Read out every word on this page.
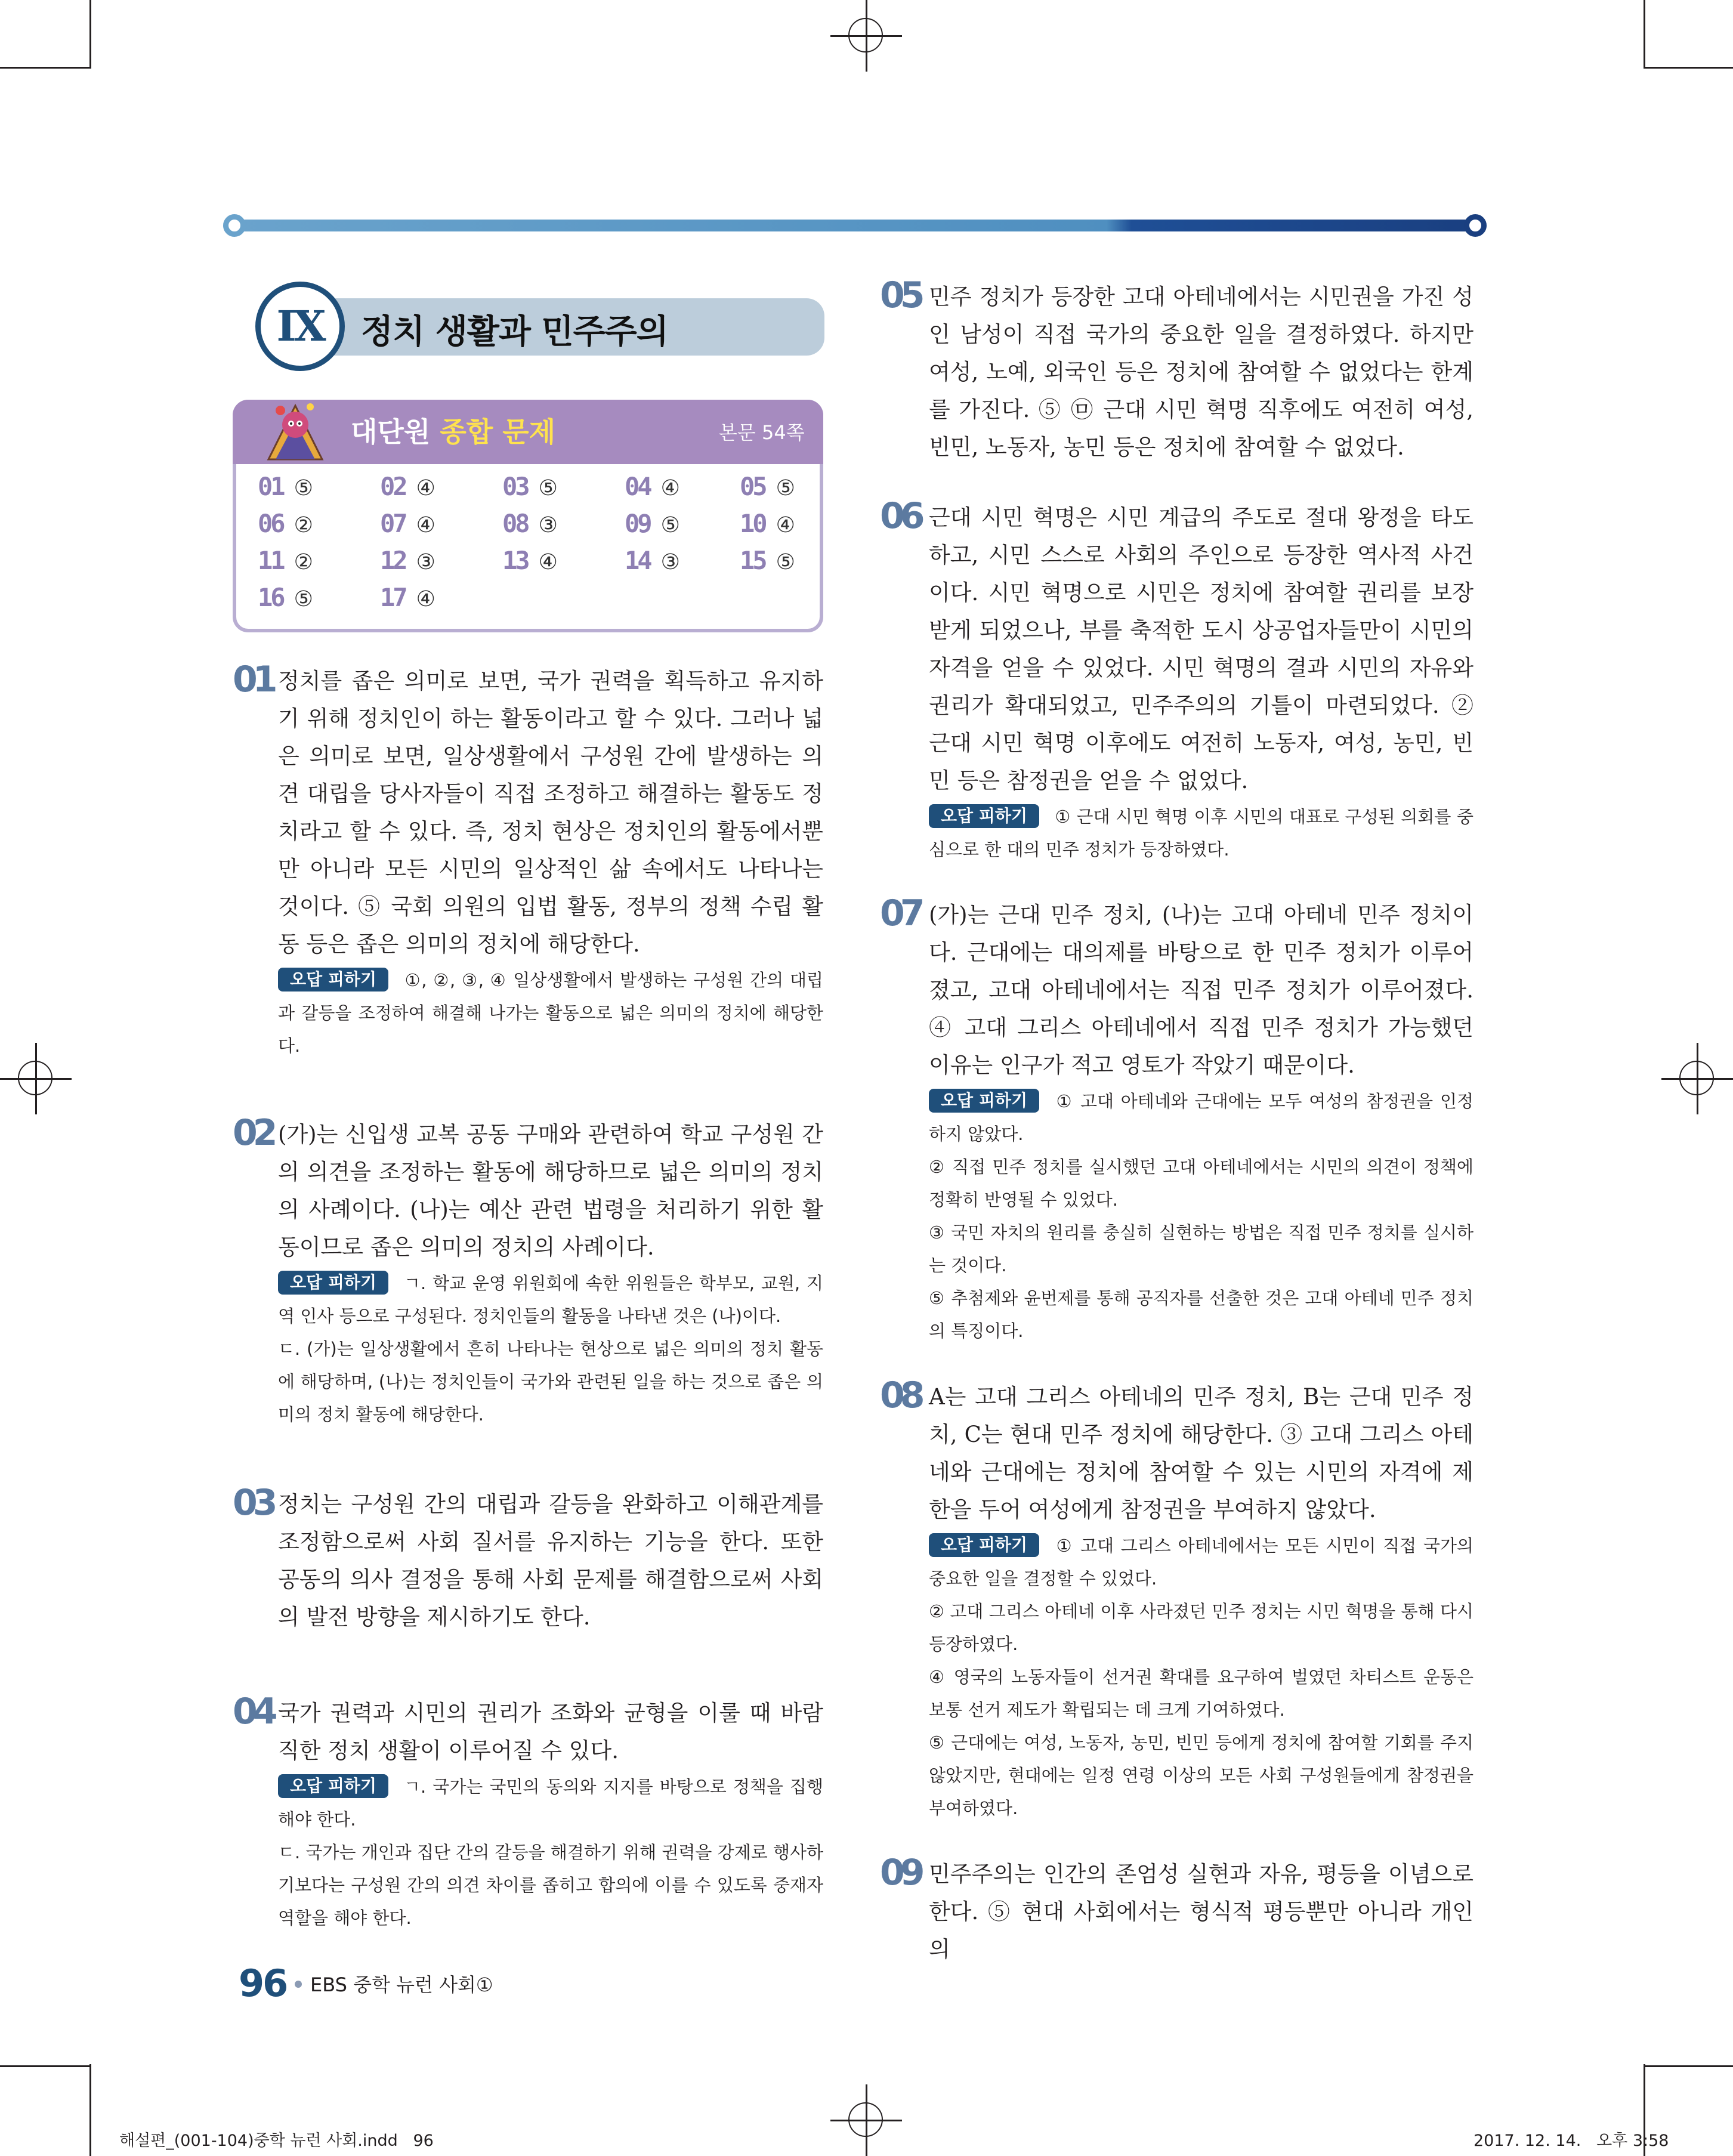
IX	정치 생활과 민주주의
대단원 종합 문제	본문 54쪽
01 ⑤	02 ④	03 ⑤	04 ④ 05 ⑤
06 ②	07 ④	08 ③	09 ⑤ 10 ④
11 ②	12 ③	13 ④	14 ③ 15 ⑤
16 ⑤	17 ④
01 정치를 좁은 의미로 보면, 국가 권력을 획득하고 유지하기 위해 정치인이 하는 활동이라고 할 수 있다. 그러나 넓은 의미로 보면, 일상생활에서 구성원 간에 발생하는 의견 대립을 당사자들이 직접 조정하고 해결하는 활동도 정치라고 할 수 있다. 즉, 정치 현상은 정치인의 활동에서뿐만 아니라 모든 시민의 일상적인 삶 속에서도 나타나는 것이다. ⑤ 국회 의원의 입법 활동, 정부의 정책 수립 활동 등은 좁은 의미의 정치에 해당한다.
오답 피하기 ①, ②, ③, ④ 일상생활에서 발생하는 구성원 간의 대립과 갈등을 조정하여 해결해 나가는 활동으로 넓은 의미의 정치에 해당한다.
02 (가)는 신입생 교복 공동 구매와 관련하여 학교 구성원 간의 의견을 조정하는 활동에 해당하므로 넓은 의미의 정치의 사례이다. (나)는 예산 관련 법령을 처리하기 위한 활동이므로 좁은 의미의 정치의 사례이다.
오답 피하기 ㄱ. 학교 운영 위원회에 속한 위원들은 학부모, 교원, 지역 인사 등으로 구성된다. 정치인들의 활동을 나타낸 것은 (나)이다.
ㄷ. (가)는 일상생활에서 흔히 나타나는 현상으로 넓은 의미의 정치 활동에 해당하며, (나)는 정치인들이 국가와 관련된 일을 하는 것으로 좁은 의미의 정치 활동에 해당한다.
03 정치는 구성원 간의 대립과 갈등을 완화하고 이해관계를 조정함으로써 사회 질서를 유지하는 기능을 한다. 또한 공동의 의사 결정을 통해 사회 문제를 해결함으로써 사회의 발전 방향을 제시하기도 한다.
04 국가 권력과 시민의 권리가 조화와 균형을 이룰 때 바람직한 정치 생활이 이루어질 수 있다.
오답 피하기 ㄱ. 국가는 국민의 동의와 지지를 바탕으로 정책을 집행해야 한다.
ㄷ. 국가는 개인과 집단 간의 갈등을 해결하기 위해 권력을 강제로 행사하기보다는 구성원 간의 의견 차이를 좁히고 합의에 이를 수 있도록 중재자 역할을 해야 한다.
05 민주 정치가 등장한 고대 아테네에서는 시민권을 가진 성인 남성이 직접 국가의 중요한 일을 결정하였다. 하지만 여성, 노예, 외국인 등은 정치에 참여할 수 없었다는 한계를 가진다. ⑤ ㉤ 근대 시민 혁명 직후에도 여전히 여성, 빈민, 노동자, 농민 등은 정치에 참여할 수 없었다.
06 근대 시민 혁명은 시민 계급의 주도로 절대 왕정을 타도하고, 시민 스스로 사회의 주인으로 등장한 역사적 사건이다. 시민 혁명으로 시민은 정치에 참여할 권리를 보장받게 되었으나, 부를 축적한 도시 상공업자들만이 시민의 자격을 얻을 수 있었다. 시민 혁명의 결과 시민의 자유와 권리가 확대되었고, 민주주의의 기틀이 마련되었다. ② 근대 시민 혁명 이후에도 여전히 노동자, 여성, 농민, 빈민 등은 참정권을 얻을 수 없었다.
오답 피하기 ① 근대 시민 혁명 이후 시민의 대표로 구성된 의회를 중심으로 한 대의 민주 정치가 등장하였다.
07 (가)는 근대 민주 정치, (나)는 고대 아테네 민주 정치이다. 근대에는 대의제를 바탕으로 한 민주 정치가 이루어졌고, 고대 아테네에서는 직접 민주 정치가 이루어졌다. ④ 고대 그리스 아테네에서 직접 민주 정치가 가능했던 이유는 인구가 적고 영토가 작았기 때문이다.
오답 피하기 ① 고대 아테네와 근대에는 모두 여성의 참정권을 인정하지 않았다.
② 직접 민주 정치를 실시했던 고대 아테네에서는 시민의 의견이 정책에 정확히 반영될 수 있었다.
③ 국민 자치의 원리를 충실히 실현하는 방법은 직접 민주 정치를 실시하는 것이다.
⑤ 추첨제와 윤번제를 통해 공직자를 선출한 것은 고대 아테네 민주 정치의 특징이다.
08 A는 고대 그리스 아테네의 민주 정치, B는 근대 민주 정치, C는 현대 민주 정치에 해당한다. ③ 고대 그리스 아테네와 근대에는 정치에 참여할 수 있는 시민의 자격에 제한을 두어 여성에게 참정권을 부여하지 않았다.
오답 피하기 ① 고대 그리스 아테네에서는 모든 시민이 직접 국가의 중요한 일을 결정할 수 있었다.
② 고대 그리스 아테네 이후 사라졌던 민주 정치는 시민 혁명을 통해 다시 등장하였다.
④ 영국의 노동자들이 선거권 확대를 요구하여 벌였던 차티스트 운동은 보통 선거 제도가 확립되는 데 크게 기여하였다.
⑤ 근대에는 여성, 노동자, 농민, 빈민 등에게 정치에 참여할 기회를 주지 않았지만, 현대에는 일정 연령 이상의 모든 사회 구성원들에게 참정권을 부여하였다.
09 민주주의는 인간의 존엄성 실현과 자유, 평등을 이념으로 한다. ⑤ 현대 사회에서는 형식적 평등뿐만 아니라 개인의
96 EBS 중학 뉴런 사회①
해설편_(001-104)중학 뉴런 사회.indd   96	2017. 12. 14.   오후 3:58
